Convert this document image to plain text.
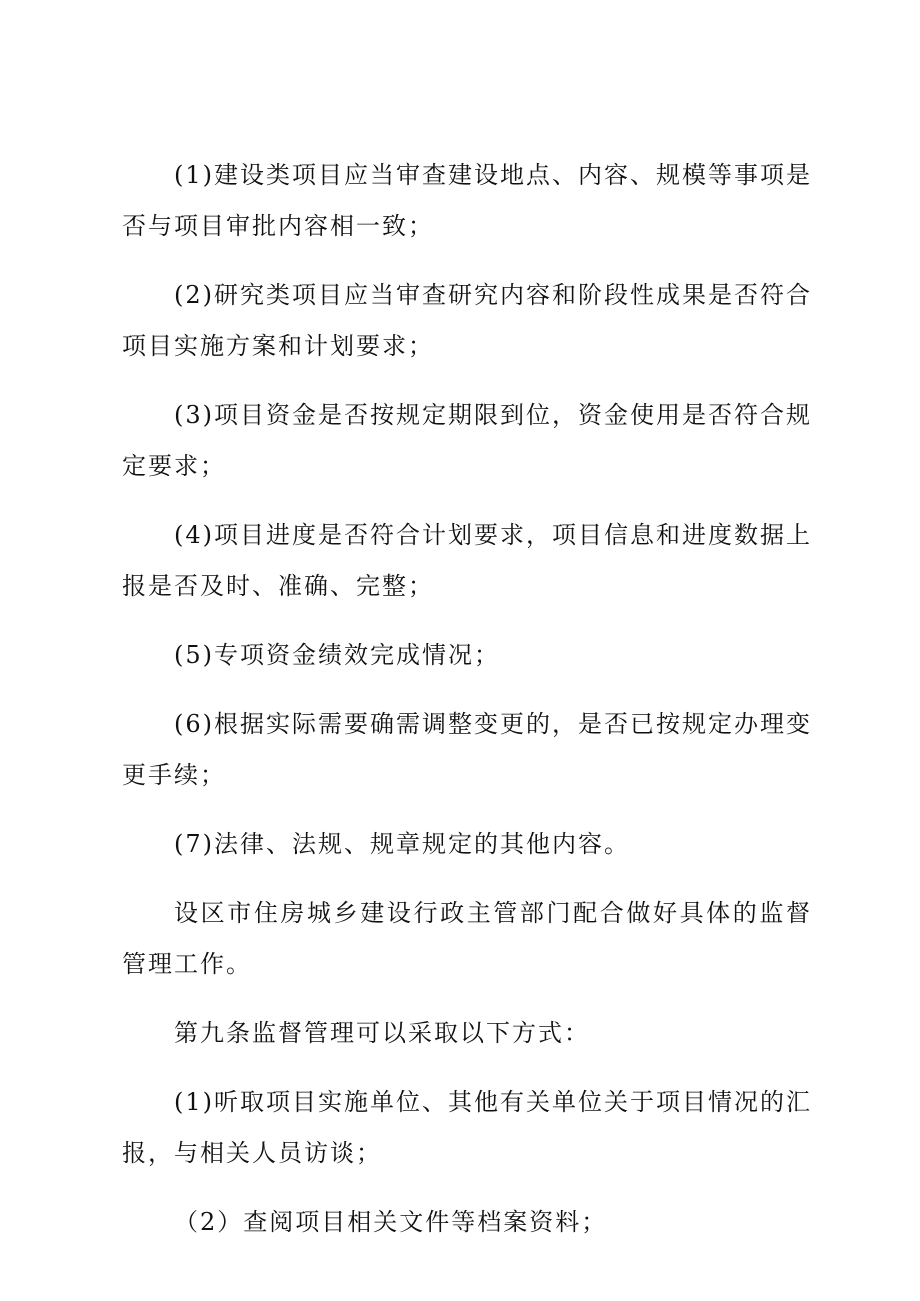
(1)建设类项目应当审查建设地点、内容、规模等事项是否与项目审批内容相一致；

(2)研究类项目应当审查研究内容和阶段性成果是否符合项目实施方案和计划要求；

(3)项目资金是否按规定期限到位，资金使用是否符合规定要求；

(4)项目进度是否符合计划要求，项目信息和进度数据上报是否及时、准确、完整；

(5)专项资金绩效完成情况；

(6)根据实际需要确需调整变更的，是否已按规定办理变更手续；

(7)法律、法规、规章规定的其他内容。

设区市住房城乡建设行政主管部门配合做好具体的监督管理工作。

第九条监督管理可以采取以下方式：

(1)听取项目实施单位、其他有关单位关于项目情况的汇报，与相关人员访谈；

（2）查阅项目相关文件等档案资料；
